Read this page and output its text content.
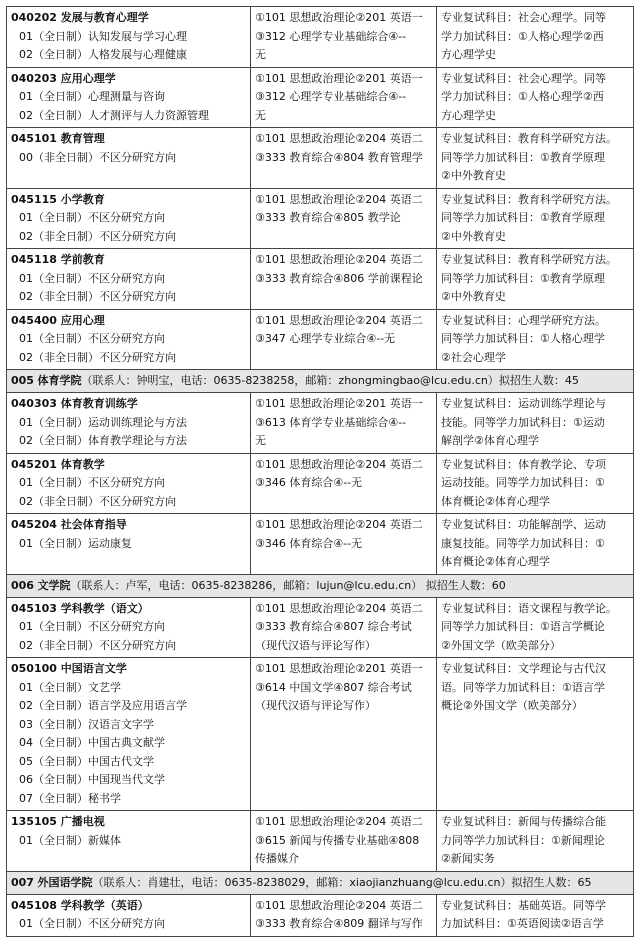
040202 发展与教育心理学
01（全日制）认知发展与学习心理
02（全日制）人格发展与心理健康
①101 思想政治理论②201 英语一
③312 心理学专业基础综合④--
无
专业复试科目：社会心理学。同等
学力加试科目：①人格心理学②西
方心理学史
040203 应用心理学
01（全日制）心理测量与咨询
02（全日制）人才测评与人力资源管理
①101 思想政治理论②201 英语一
③312 心理学专业基础综合④--
无
专业复试科目：社会心理学。同等
学力加试科目：①人格心理学②西
方心理学史
045101 教育管理
00（非全日制）不区分研究方向
①101 思想政治理论②204 英语二
③333 教育综合④804 教育管理学
专业复试科目：教育科学研究方法。
同等学力加试科目：①教育学原理
②中外教育史
045115 小学教育
01（全日制）不区分研究方向
02（非全日制）不区分研究方向
①101 思想政治理论②204 英语二
③333 教育综合④805 教学论
专业复试科目：教育科学研究方法。
同等学力加试科目：①教育学原理
②中外教育史
045118 学前教育
01（全日制）不区分研究方向
02（非全日制）不区分研究方向
①101 思想政治理论②204 英语二
③333 教育综合④806 学前课程论
专业复试科目：教育科学研究方法。
同等学力加试科目：①教育学原理
②中外教育史
045400 应用心理
01（全日制）不区分研究方向
02（非全日制）不区分研究方向
①101 思想政治理论②204 英语二
③347 心理学专业综合④--无
专业复试科目：心理学研究方法。
同等学力加试科目：①人格心理学
②社会心理学
005 体育学院（联系人：钟明宝，电话：0635-8238258，邮箱：zhongmingbao@lcu.edu.cn）拟招生人数：45
040303 体育教育训练学
01（全日制）运动训练理论与方法
02（全日制）体育教学理论与方法
①101 思想政治理论②201 英语一
③613 体育学专业基础综合④--
无
专业复试科目：运动训练学理论与
技能。同等学力加试科目：①运动
解剖学②体育心理学
045201 体育教学
01（全日制）不区分研究方向
02（非全日制）不区分研究方向
①101 思想政治理论②204 英语二
③346 体育综合④--无
专业复试科目：体育教学论、专项
运动技能。同等学力加试科目：①
体育概论②体育心理学
045204 社会体育指导
01（全日制）运动康复
①101 思想政治理论②204 英语二
③346 体育综合④--无
专业复试科目：功能解剖学、运动
康复技能。同等学力加试科目：①
体育概论②体育心理学
006 文学院（联系人：卢军，电话：0635-8238286，邮箱：lujun@lcu.edu.cn） 拟招生人数：60
045103 学科教学（语文）
01（全日制）不区分研究方向
02（非全日制）不区分研究方向
①101 思想政治理论②204 英语二
③333 教育综合④807 综合考试
（现代汉语与评论写作）
专业复试科目：语文课程与教学论。
同等学力加试科目：①语言学概论
②外国文学（欧美部分）
050100 中国语言文学
01（全日制）文艺学
02（全日制）语言学及应用语言学
03（全日制）汉语言文字学
04（全日制）中国古典文献学
05（全日制）中国古代文学
06（全日制）中国现当代文学
07（全日制）秘书学
①101 思想政治理论②201 英语一
③614 中国文学④807 综合考试
（现代汉语与评论写作）
专业复试科目：文学理论与古代汉
语。同等学力加试科目：①语言学
概论②外国文学（欧美部分）
135105 广播电视
01（全日制）新媒体
①101 思想政治理论②204 英语二
③615 新闻与传播专业基础④808
传播媒介
专业复试科目：新闻与传播综合能
力同等学力加试科目：①新闻理论
②新闻实务
007 外国语学院（联系人：肖建壮，电话：0635-8238029，邮箱：xiaojianzhuang@lcu.edu.cn）拟招生人数：65
045108 学科教学（英语）
01（全日制）不区分研究方向
①101 思想政治理论②204 英语二
③333 教育综合④809 翻译与写作
专业复试科目：基础英语。同等学
力加试科目：①英语阅读②语言学
